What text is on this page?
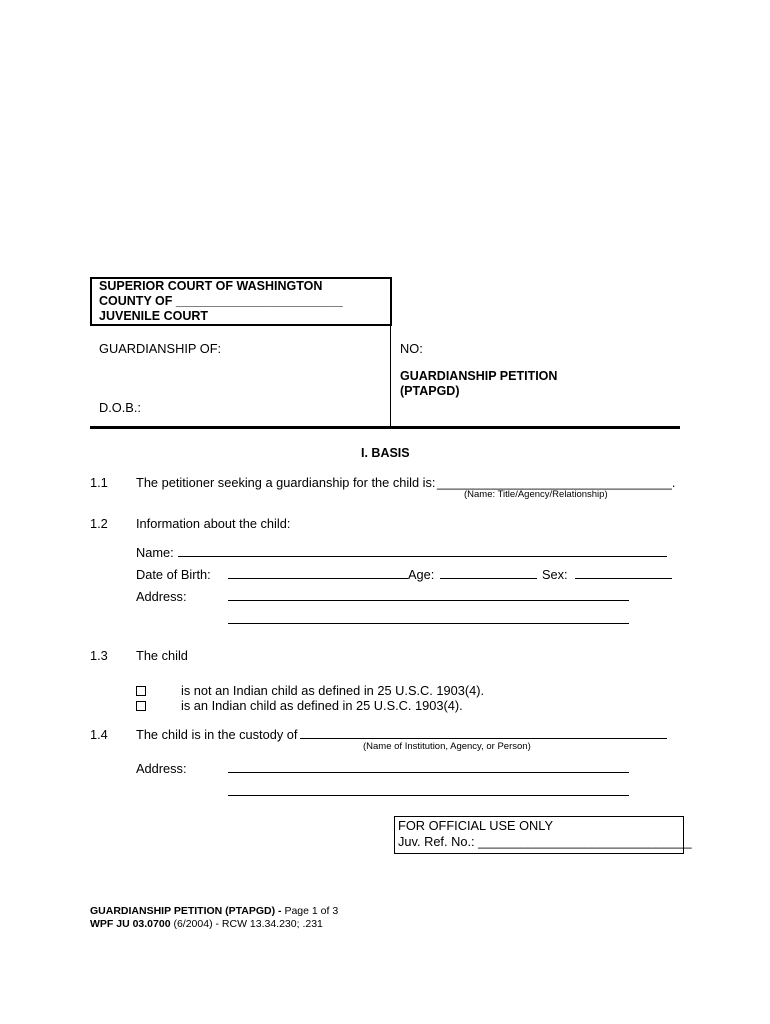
SUPERIOR COURT OF WASHINGTON
COUNTY OF ________________________
JUVENILE COURT
GUARDIANSHIP OF:
D.O.B.:
NO:
GUARDIANSHIP PETITION
(PTAPGD)
I. BASIS
1.1 The petitioner seeking a guardianship for the child is: _________________________________.
(Name: Title/Agency/Relationship)
1.2 Information about the child:
Name:
Date of Birth:	Age:	Sex:
Address:
1.3 The child
is not an Indian child as defined in 25 U.S.C. 1903(4).
is an Indian child as defined in 25 U.S.C. 1903(4).
1.4 The child is in the custody of
(Name of Institution, Agency, or Person)
Address:
FOR OFFICIAL USE ONLY
Juv. Ref. No.: ______________________________
GUARDIANSHIP PETITION (PTAPGD) - Page 1 of 3
WPF JU 03.0700 (6/2004) - RCW 13.34.230; .231
